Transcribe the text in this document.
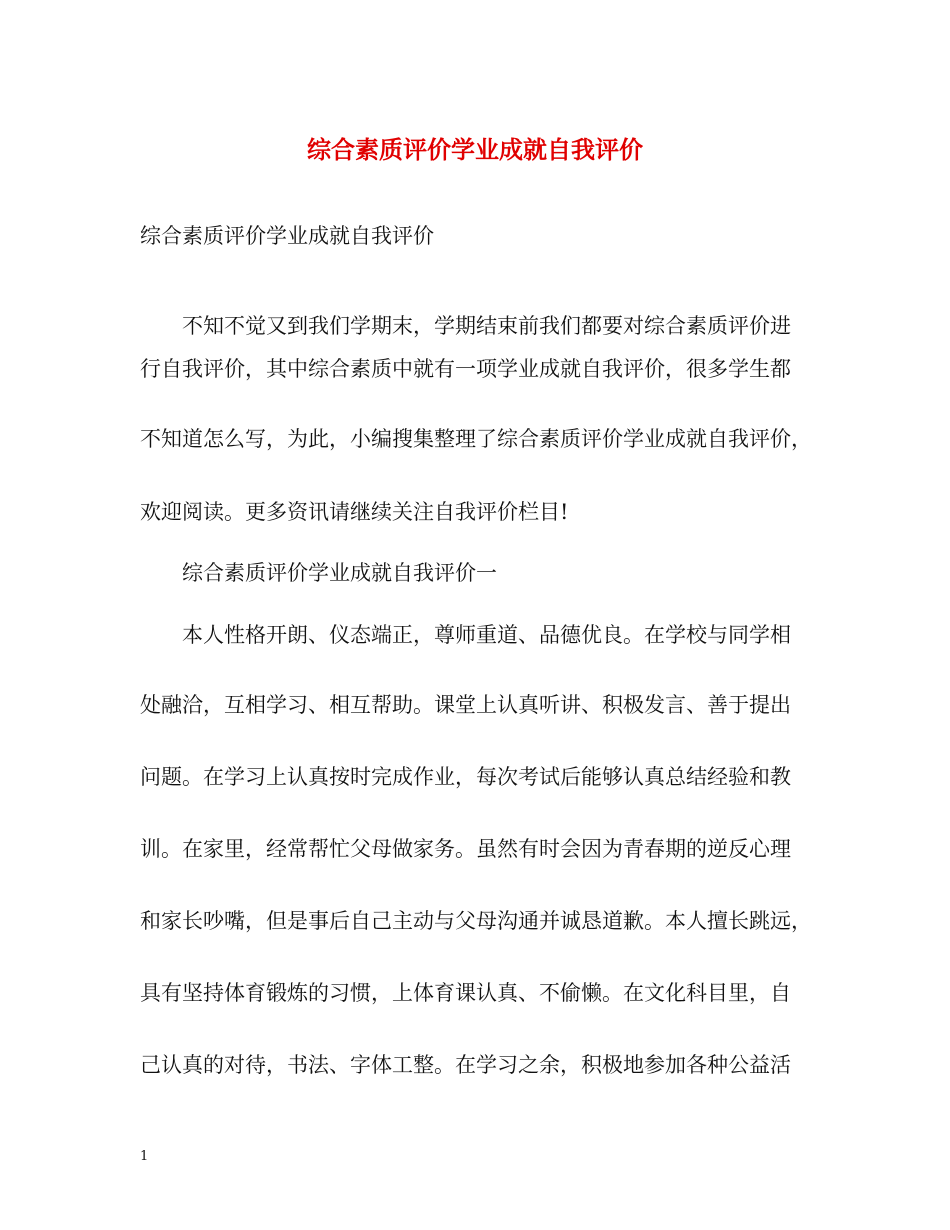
综合素质评价学业成就自我评价
综合素质评价学业成就自我评价
不知不觉又到我们学期末，学期结束前我们都要对综合素质评价进
行自我评价，其中综合素质中就有一项学业成就自我评价，很多学生都
不知道怎么写，为此，小编搜集整理了综合素质评价学业成就自我评价，
欢迎阅读。更多资讯请继续关注自我评价栏目!
综合素质评价学业成就自我评价一
本人性格开朗、仪态端正，尊师重道、品德优良。在学校与同学相
处融洽，互相学习、相互帮助。课堂上认真听讲、积极发言、善于提出
问题。在学习上认真按时完成作业，每次考试后能够认真总结经验和教
训。在家里，经常帮忙父母做家务。虽然有时会因为青春期的逆反心理
和家长吵嘴，但是事后自己主动与父母沟通并诚恳道歉。本人擅长跳远，
具有坚持体育锻炼的习惯，上体育课认真、不偷懒。在文化科目里，自
己认真的对待，书法、字体工整。在学习之余，积极地参加各种公益活
1
